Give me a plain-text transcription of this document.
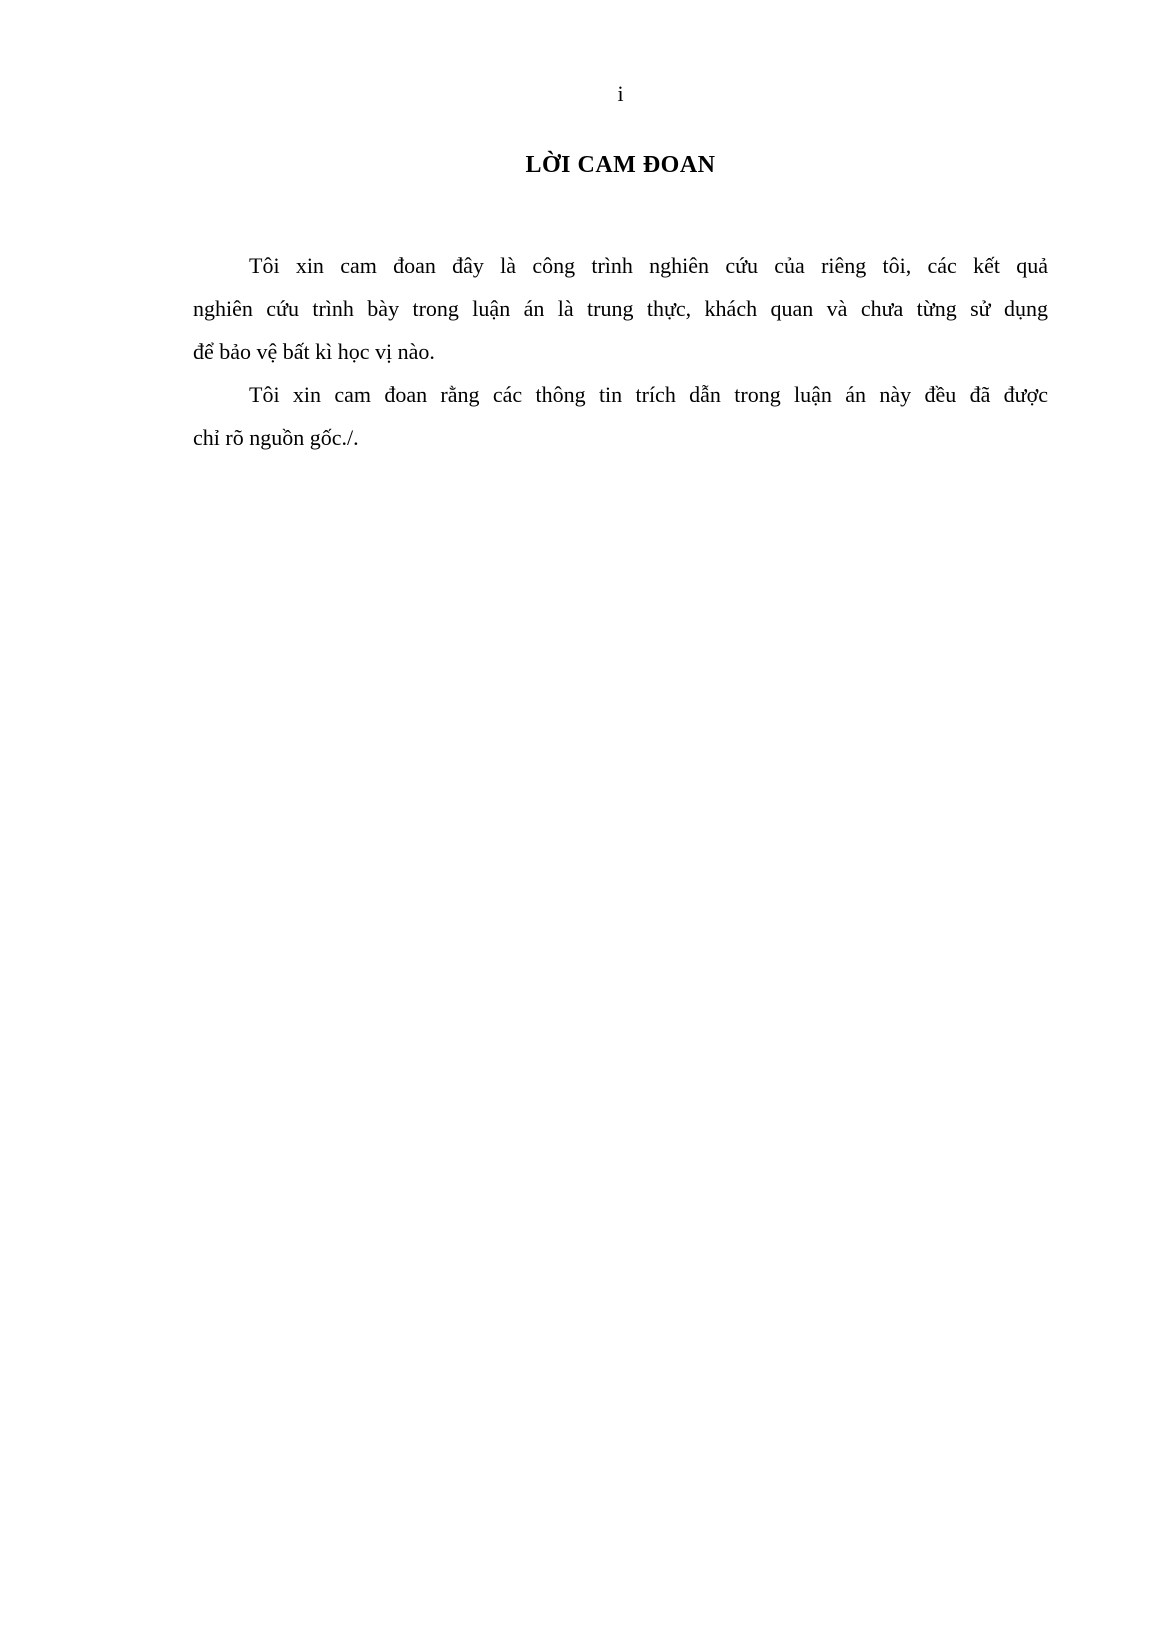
i
LỜI CAM ĐOAN
Tôi xin cam đoan đây là công trình nghiên cứu của riêng tôi, các kết quả
nghiên cứu trình bày trong luận án là trung thực, khách quan và chưa từng sử dụng
để bảo vệ bất kì học vị nào.
Tôi xin cam đoan rằng các thông tin trích dẫn trong luận án này đều đã được
chỉ rõ nguồn gốc./.
